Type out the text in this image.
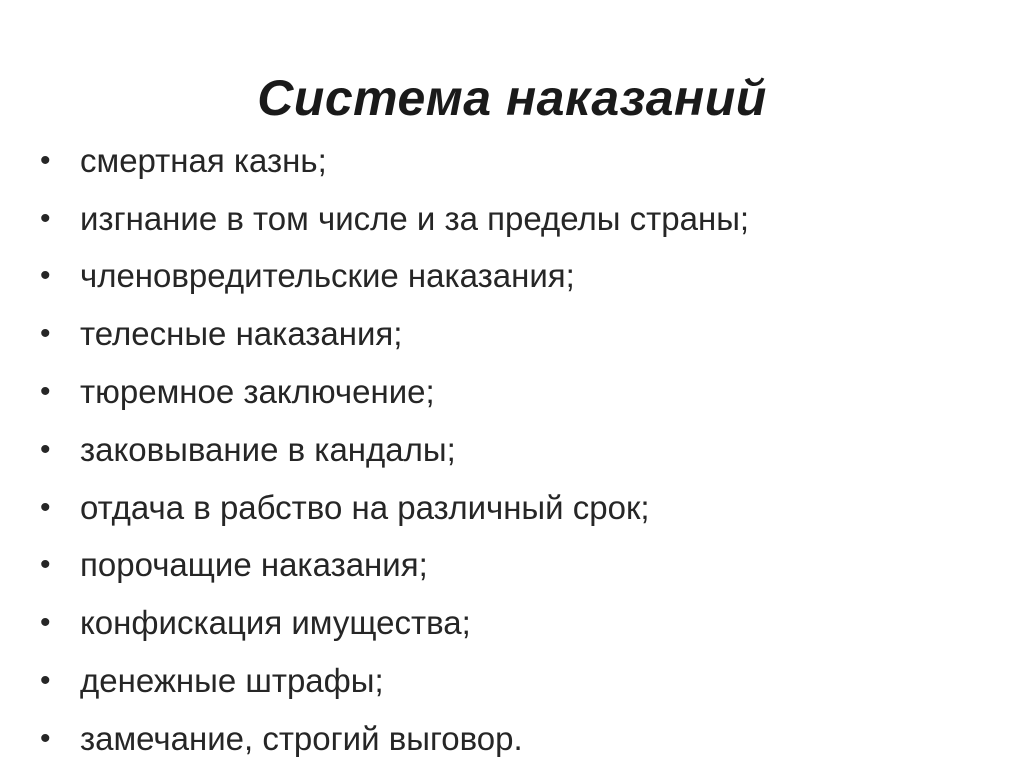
Система наказаний
• смертная казнь;
• изгнание в том числе и за пределы страны;
• членовредительские наказания;
• телесные наказания;
• тюремное заключение;
• заковывание в кандалы;
• отдача в рабство на различный срок;
• порочащие наказания;
• конфискация имущества;
• денежные штрафы;
• замечание, строгий выговор.
